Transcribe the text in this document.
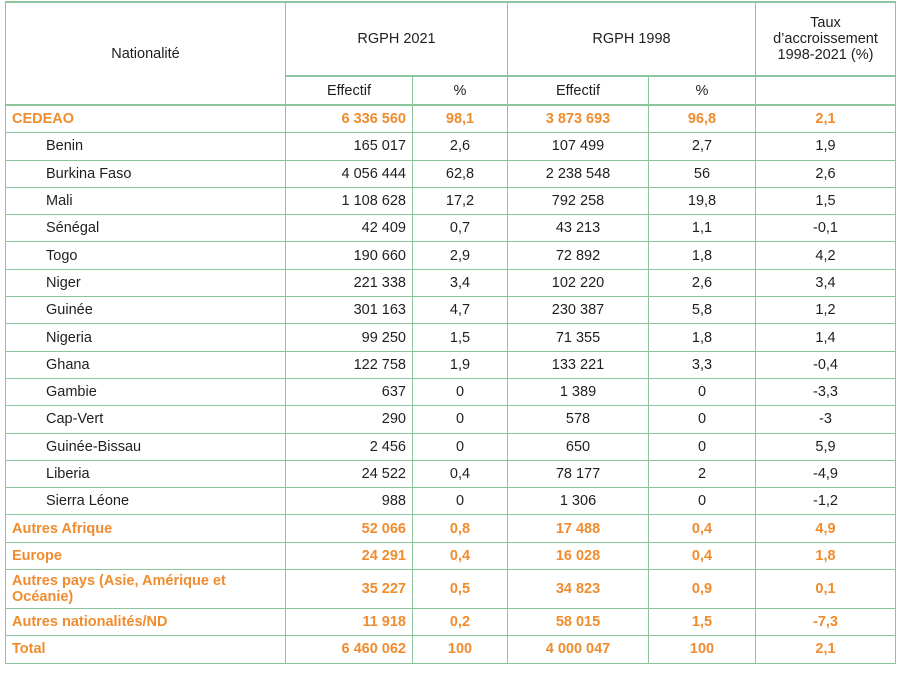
Nationalité	RGPH 2021		RGPH 1998		Taux d’accroissement 1998-2021 (%)
	Effectif	%	Effectif	%	
CEDEAO	6 336 560	98,1	3 873 693	96,8	2,1
Benin	165 017	2,6	107 499	2,7	1,9
Burkina Faso	4 056 444	62,8	2 238 548	56	2,6
Mali	1 108 628	17,2	792 258	19,8	1,5
Sénégal	42 409	0,7	43 213	1,1	-0,1
Togo	190 660	2,9	72 892	1,8	4,2
Niger	221 338	3,4	102 220	2,6	3,4
Guinée	301 163	4,7	230 387	5,8	1,2
Nigeria	99 250	1,5	71 355	1,8	1,4
Ghana	122 758	1,9	133 221	3,3	-0,4
Gambie	637	0	1 389	0	-3,3
Cap-Vert	290	0	578	0	-3
Guinée-Bissau	2 456	0	650	0	5,9
Liberia	24 522	0,4	78 177	2	-4,9
Sierra Léone	988	0	1 306	0	-1,2
Autres Afrique	52 066	0,8	17 488	0,4	4,9
Europe	24 291	0,4	16 028	0,4	1,8
Autres pays (Asie, Amérique et Océanie)	35 227	0,5	34 823	0,9	0,1
Autres nationalités/ND	11 918	0,2	58 015	1,5	-7,3
Total	6 460 062	100	4 000 047	100	2,1
